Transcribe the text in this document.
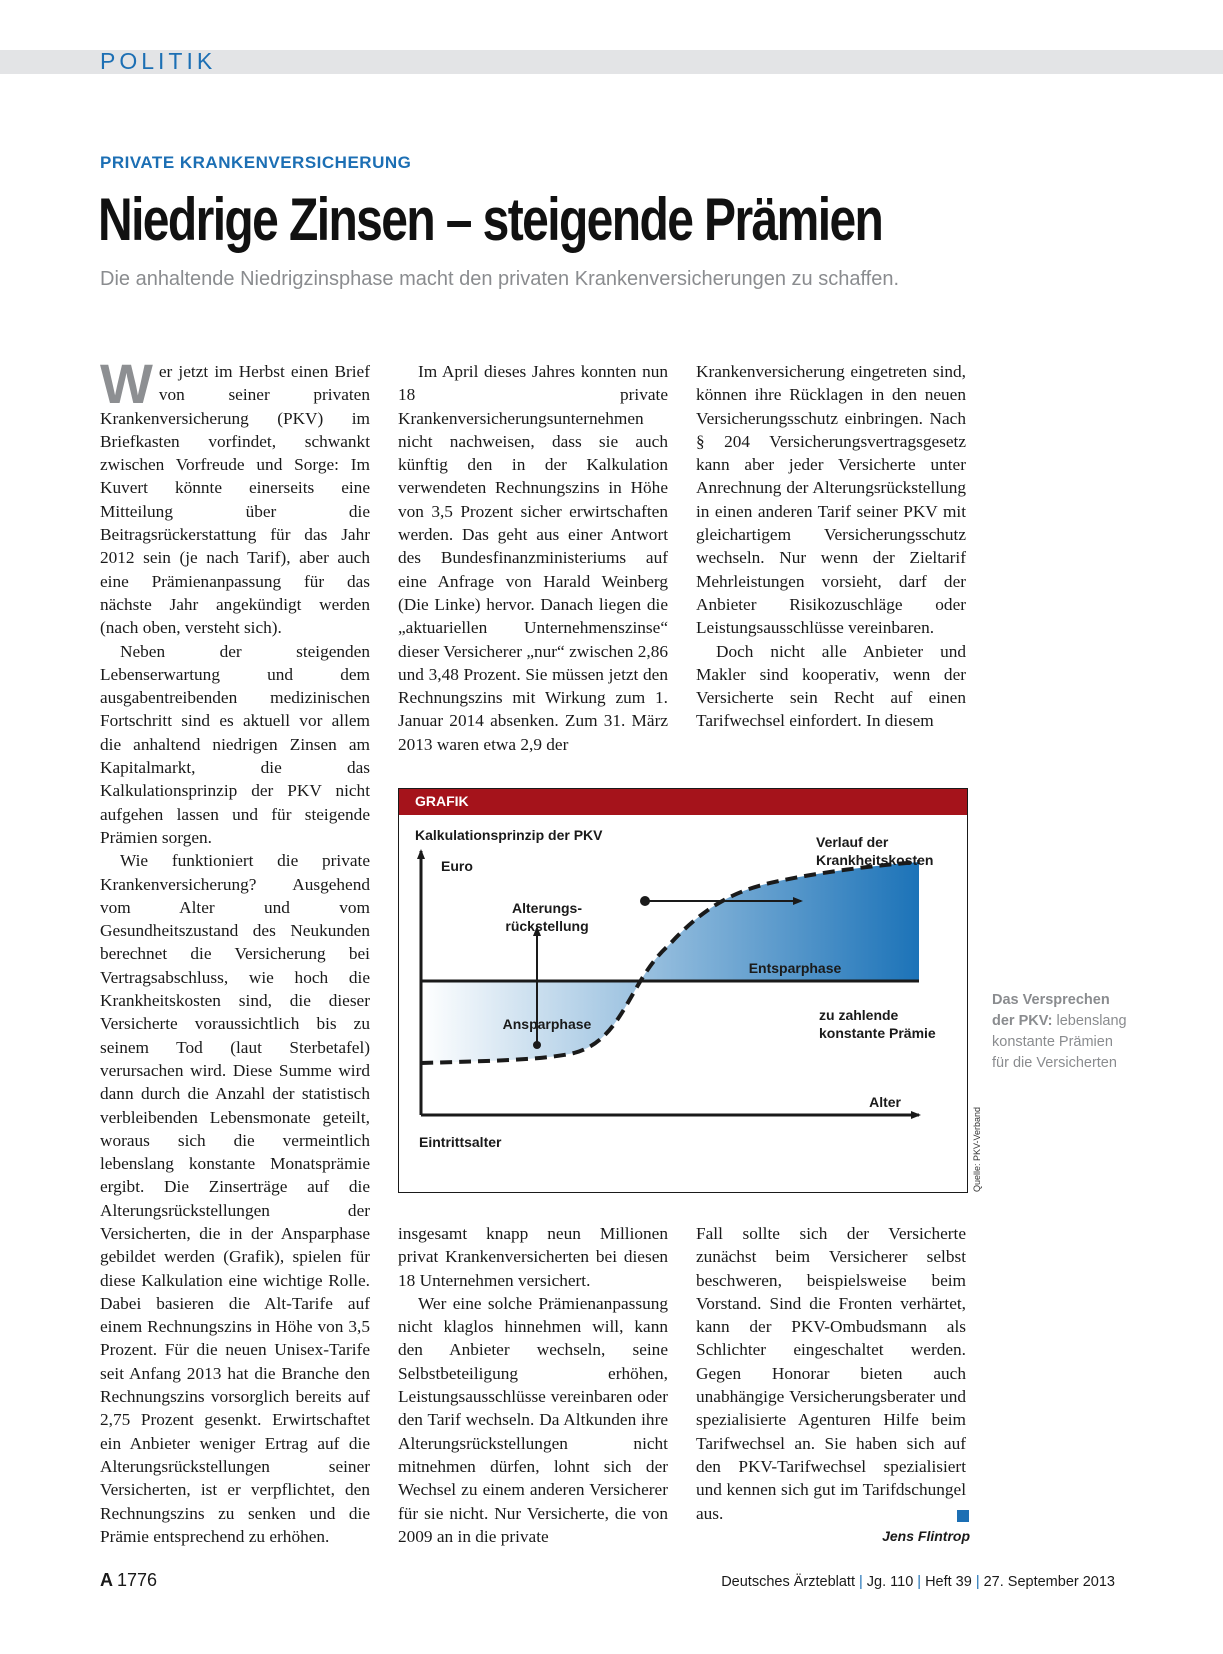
POLITIK
PRIVATE KRANKENVERSICHERUNG
Niedrige Zinsen – steigende Prämien
Die anhaltende Niedrigzinsphase macht den privaten Krankenversicherungen zu schaffen.

Wer jetzt im Herbst einen Brief von seiner privaten Krankenversicherung (PKV) im Briefkasten vorfindet, schwankt zwischen Vorfreude und Sorge: Im Kuvert könnte einerseits eine Mitteilung über die Beitragsrückerstattung für das Jahr 2012 sein (je nach Tarif), aber auch eine Prämienanpassung für das nächste Jahr angekündigt werden (nach oben, versteht sich).

Neben der steigenden Lebenserwartung und dem ausgabentreibenden medizinischen Fortschritt sind es aktuell vor allem die anhaltend niedrigen Zinsen am Kapitalmarkt, die das Kalkulationsprinzip der PKV nicht aufgehen lassen und für steigende Prämien sorgen.

Wie funktioniert die private Krankenversicherung? Ausgehend vom Alter und vom Gesundheitszustand des Neukunden berechnet die Versicherung bei Vertragsabschluss, wie hoch die Krankheitskosten sind, die dieser Versicherte voraussichtlich bis zu seinem Tod (laut Sterbetafel) verursachen wird. Diese Summe wird dann durch die Anzahl der statistisch verbleibenden Lebensmonate geteilt, woraus sich die vermeintlich lebenslang konstante Monatsprämie ergibt. Die Zinserträge auf die Alterungsrückstellungen der Versicherten, die in der Ansparphase gebildet werden (Grafik), spielen für diese Kalkulation eine wichtige Rolle. Dabei basieren die Alt-Tarife auf einem Rechnungszins in Höhe von 3,5 Prozent. Für die neuen Unisex-Tarife seit Anfang 2013 hat die Branche den Rechnungszins vorsorglich bereits auf 2,75 Prozent gesenkt. Erwirtschaftet ein Anbieter weniger Ertrag auf die Alterungsrückstellungen seiner Versicherten, ist er verpflichtet, den Rechnungszins zu senken und die Prämie entsprechend zu erhöhen.

Im April dieses Jahres konnten nun 18 private Krankenversicherungsunternehmen nicht nachweisen, dass sie auch künftig den in der Kalkulation verwendeten Rechnungszins in Höhe von 3,5 Prozent sicher erwirtschaften werden. Das geht aus einer Antwort des Bundesfinanzministeriums auf eine Anfrage von Harald Weinberg (Die Linke) hervor. Danach liegen die „aktuariellen Unternehmenszinse“ dieser Versicherer „nur“ zwischen 2,86 und 3,48 Prozent. Sie müssen jetzt den Rechnungszins mit Wirkung zum 1. Januar 2014 absenken. Zum 31. März 2013 waren etwa 2,9 der

Krankenversicherung eingetreten sind, können ihre Rücklagen in den neuen Versicherungsschutz einbringen. Nach § 204 Versicherungsvertragsgesetz kann aber jeder Versicherte unter Anrechnung der Alterungsrückstellung in einen anderen Tarif seiner PKV mit gleichartigem Versicherungsschutz wechseln. Nur wenn der Zieltarif Mehrleistungen vorsieht, darf der Anbieter Risikozuschläge oder Leistungsausschlüsse vereinbaren.

Doch nicht alle Anbieter und Makler sind kooperativ, wenn der Versicherte sein Recht auf einen Tarifwechsel einfordert. In diesem

GRAFIK
Kalkulationsprinzip der PKV
Euro
Alter
Eintrittsalter
Verlauf der
Krankheitskosten
Alterungs-
rückstellung
Ansparphase
Entsparphase
zu zahlende
konstante Prämie
Quelle: PKV-Verband
Das Versprechen der PKV: lebenslang konstante Prämien für die Versicherten

insgesamt knapp neun Millionen privat Krankenversicherten bei diesen 18 Unternehmen versichert.

Wer eine solche Prämienanpassung nicht klaglos hinnehmen will, kann den Anbieter wechseln, seine Selbstbeteiligung erhöhen, Leistungsausschlüsse vereinbaren oder den Tarif wechseln. Da Altkunden ihre Alterungsrückstellungen nicht mitnehmen dürfen, lohnt sich der Wechsel zu einem anderen Versicherer für sie nicht. Nur Versicherte, die von 2009 an in die private

Fall sollte sich der Versicherte zunächst beim Versicherer selbst beschweren, beispielsweise beim Vorstand. Sind die Fronten verhärtet, kann der PKV-Ombudsmann als Schlichter eingeschaltet werden. Gegen Honorar bieten auch unabhängige Versicherungsberater und spezialisierte Agenturen Hilfe beim Tarifwechsel an. Sie haben sich auf den PKV-Tarifwechsel spezialisiert und kennen sich gut im Tarifdschungel aus.

Jens Flintrop
A 1776	Deutsches Ärzteblatt | Jg. 110 | Heft 39 | 27. September 2013
